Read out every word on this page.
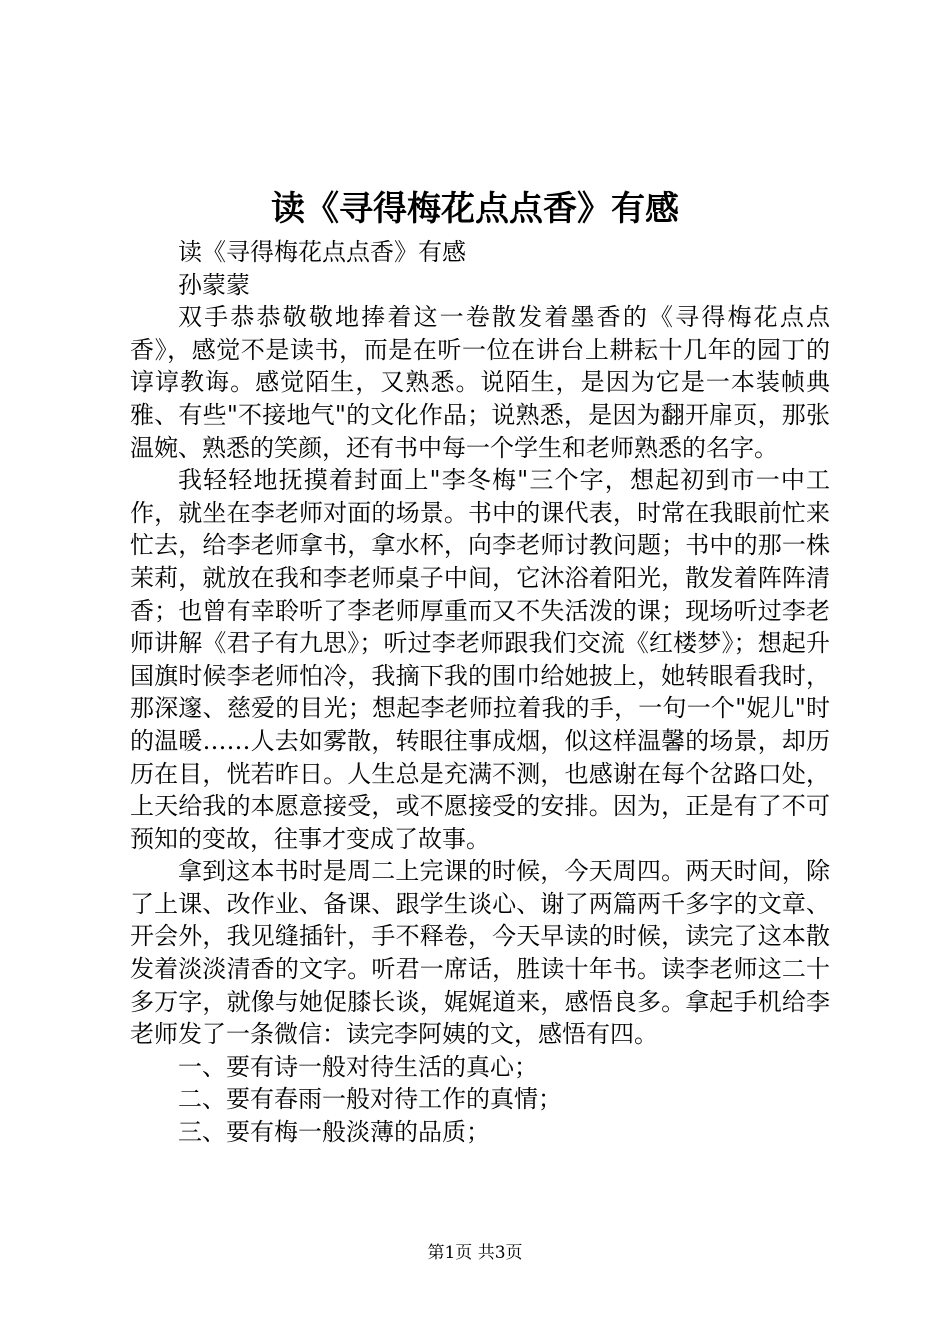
读《寻得梅花点点香》有感

读《寻得梅花点点香》有感

孙蒙蒙

双手恭恭敬敬地捧着这一卷散发着墨香的《寻得梅花点点香》，感觉不是读书，而是在听一位在讲台上耕耘十几年的园丁的谆谆教诲。感觉陌生，又熟悉。说陌生，是因为它是一本装帧典雅、有些"不接地气"的文化作品；说熟悉，是因为翻开扉页，那张温婉、熟悉的笑颜，还有书中每一个学生和老师熟悉的名字。

我轻轻地抚摸着封面上"李冬梅"三个字，想起初到市一中工作，就坐在李老师对面的场景。书中的课代表，时常在我眼前忙来忙去，给李老师拿书，拿水杯，向李老师讨教问题；书中的那一株茉莉，就放在我和李老师桌子中间，它沐浴着阳光，散发着阵阵清香；也曾有幸聆听了李老师厚重而又不失活泼的课；现场听过李老师讲解《君子有九思》；听过李老师跟我们交流《红楼梦》；想起升国旗时候李老师怕冷，我摘下我的围巾给她披上，她转眼看我时，那深邃、慈爱的目光；想起李老师拉着我的手，一句一个"妮儿"时的温暖……人去如雾散，转眼往事成烟，似这样温馨的场景，却历历在目，恍若昨日。人生总是充满不测，也感谢在每个岔路口处，上天给我的本愿意接受，或不愿接受的安排。因为，正是有了不可预知的变故，往事才变成了故事。

拿到这本书时是周二上完课的时候，今天周四。两天时间，除了上课、改作业、备课、跟学生谈心、谢了两篇两千多字的文章、开会外，我见缝插针，手不释卷，今天早读的时候，读完了这本散发着淡淡清香的文字。听君一席话，胜读十年书。读李老师这二十多万字，就像与她促膝长谈，娓娓道来，感悟良多。拿起手机给李老师发了一条微信：读完李阿姨的文，感悟有四。

一、要有诗一般对待生活的真心；

二、要有春雨一般对待工作的真情；

三、要有梅一般淡薄的品质；

第1页 共3页
